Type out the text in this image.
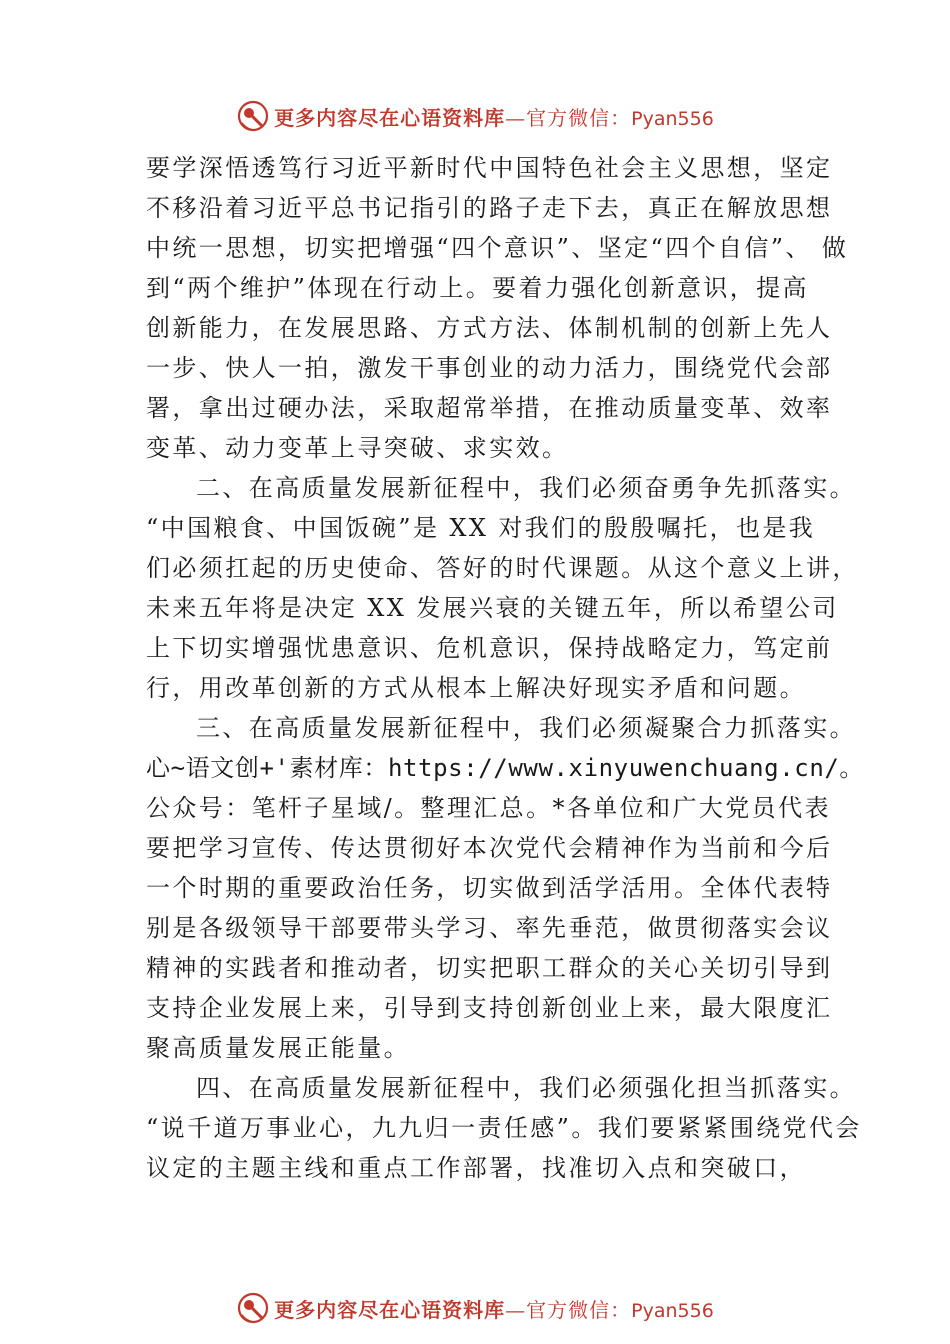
更多内容尽在心语资料库—官方微信：Pyan556
要学深悟透笃行习近平新时代中国特色社会主义思想，坚定
不移沿着习近平总书记指引的路子走下去，真正在解放思想
中统一思想，切实把增强“四个意识”、坚定“四个自信”、 做
到“两个维护”体现在行动上。要着力强化创新意识，提高
创新能力，在发展思路、方式方法、体制机制的创新上先人
一步、快人一拍，激发干事创业的动力活力，围绕党代会部
署，拿出过硬办法，采取超常举措，在推动质量变革、效率
变革、动力变革上寻突破、求实效。
二、在高质量发展新征程中，我们必须奋勇争先抓落实。
“中国粮食、中国饭碗”是 XX 对我们的殷殷嘱托，也是我
们必须扛起的历史使命、答好的时代课题。从这个意义上讲，
未来五年将是决定 XX 发展兴衰的关键五年，所以希望公司
上下切实增强忧患意识、危机意识，保持战略定力，笃定前
行，用改革创新的方式从根本上解决好现实矛盾和问题。
三、在高质量发展新征程中，我们必须凝聚合力抓落实。
心~语文创+'素材库：https://www.xinyuwenchuang.cn/。
公众号：笔杆子星域/。整理汇总。*各单位和广大党员代表
要把学习宣传、传达贯彻好本次党代会精神作为当前和今后
一个时期的重要政治任务，切实做到活学活用。全体代表特
别是各级领导干部要带头学习、率先垂范，做贯彻落实会议
精神的实践者和推动者，切实把职工群众的关心关切引导到
支持企业发展上来，引导到支持创新创业上来，最大限度汇
聚高质量发展正能量。
四、在高质量发展新征程中，我们必须强化担当抓落实。
“说千道万事业心，九九归一责任感”。我们要紧紧围绕党代会
议定的主题主线和重点工作部署，找准切入点和突破口，
更多内容尽在心语资料库—官方微信：Pyan556
